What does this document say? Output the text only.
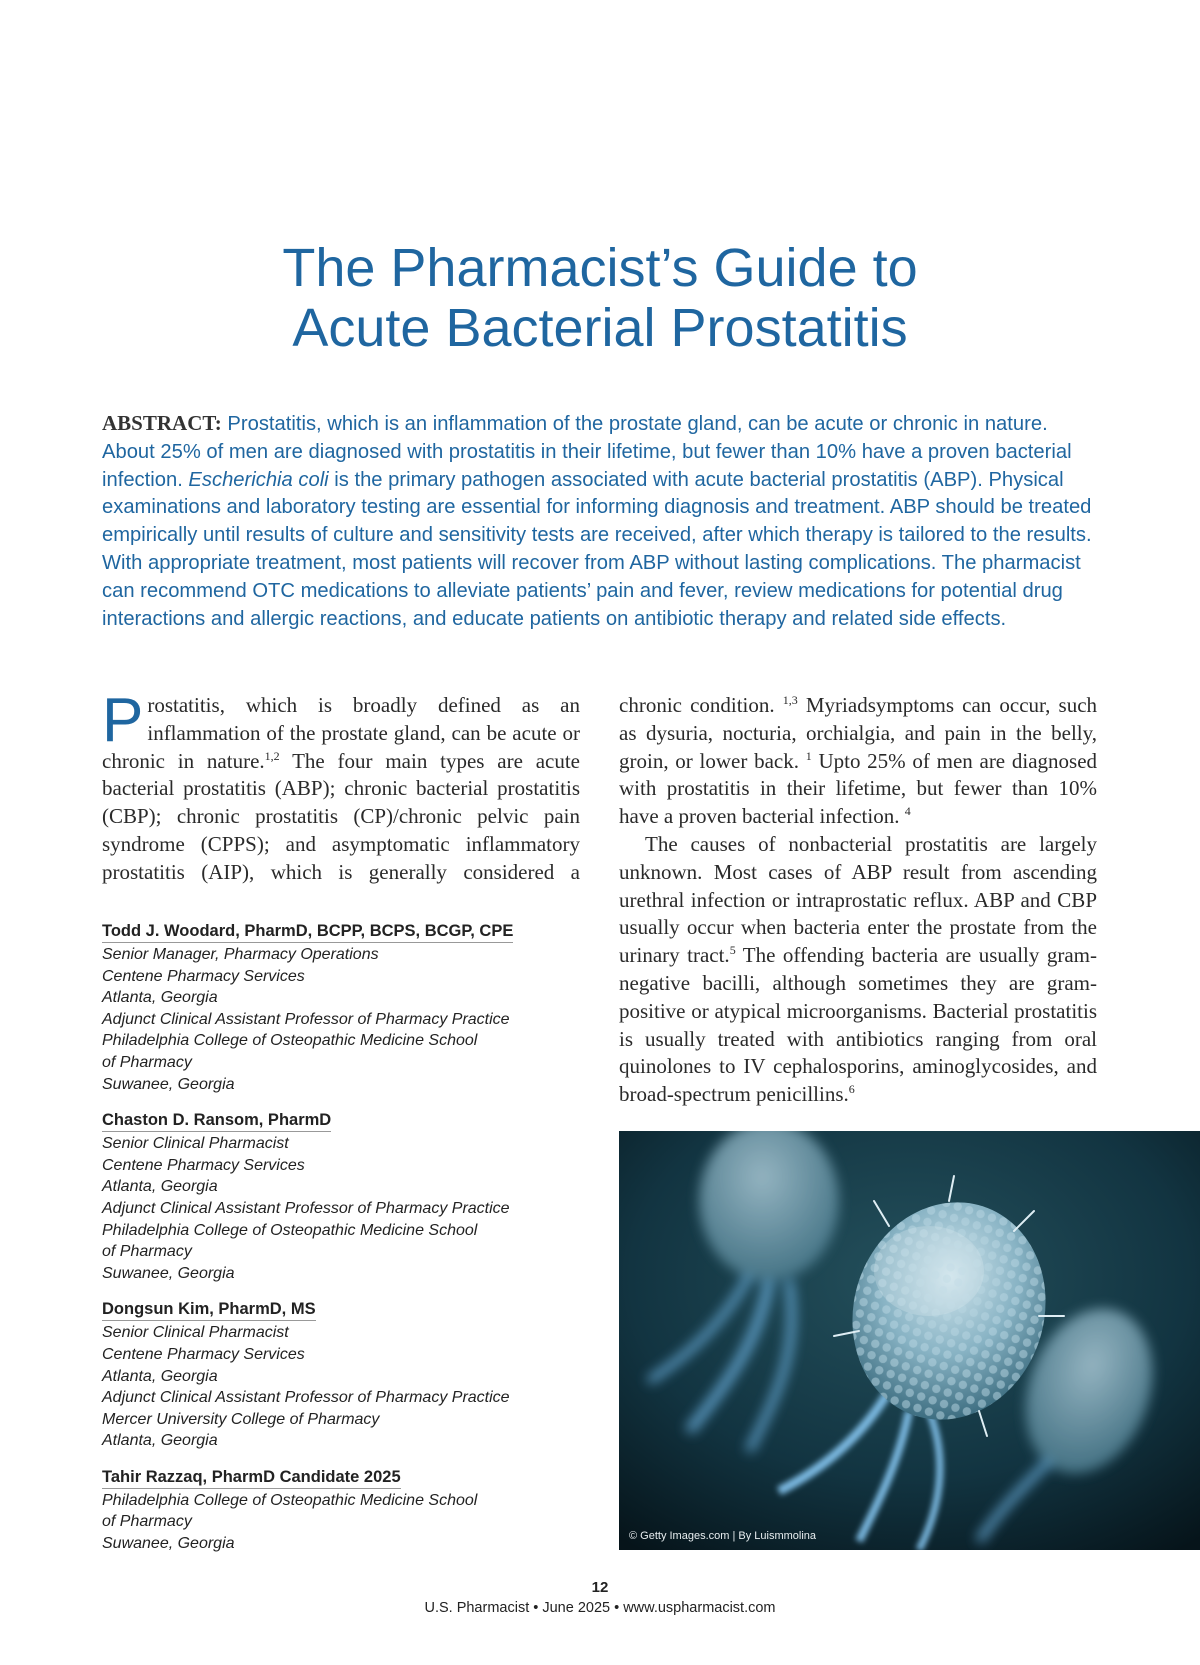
The Pharmacist’s Guide to
Acute Bacterial Prostatitis

ABSTRACT: Prostatitis, which is an inflammation of the prostate gland, can be acute or chronic in nature. About 25% of men are diagnosed with prostatitis in their lifetime, but fewer than 10% have a proven bacterial infection. Escherichia coli is the primary pathogen associated with acute bacterial prostatitis (ABP). Physical examinations and laboratory testing are essential for informing diagnosis and treatment. ABP should be treated empirically until results of culture and sensitivity tests are received, after which therapy is tailored to the results. With appropriate treatment, most patients will recover from ABP without lasting complications. The pharmacist can recommend OTC medications to alleviate patients’ pain and fever, review medications for potential drug interactions and allergic reactions, and educate patients on antibiotic therapy and related side effects.

Prostatitis, which is broadly defined as an inflammation of the prostate gland, can be acute or chronic in nature.$^{1,2}$ The four main types are acute bacterial prostatitis (ABP); chronic bacterial prostatitis (CBP); chronic prostatitis (CP)/chronic pelvic pain syndrome (CPPS); and asymptomatic inflammatory prostatitis (AIP), which is generally considered a

chronic condition. $^{1,3}$ Myriadsymptoms can occur, such as dysuria, nocturia, orchialgia, and pain in the belly, groin, or lower back. $^1$ Upto 25% of men are diagnosed with prostatitis in their lifetime, but fewer than 10% have a proven bacterial infection. $^4$

The causes of nonbacterial prostatitis are largely unknown. Most cases of ABP result from ascending urethral infection or intraprostatic reflux. ABP and CBP usually occur when bacteria enter the prostate from the urinary tract.$^5$ The offending bacteria are usually gram-negative bacilli, although sometimes they are gram-positive or atypical microorganisms. Bacterial prostatitis is usually treated with antibiotics ranging from oral quinolones to IV cephalosporins, aminoglycosides, and broad-spectrum penicillins.$^6$

Todd J. Woodard, PharmD, BCPP, BCPS, BCGP, CPE
Senior Manager, Pharmacy Operations
Centene Pharmacy Services
Atlanta, Georgia
Adjunct Clinical Assistant Professor of Pharmacy Practice
Philadelphia College of Osteopathic Medicine School
of Pharmacy
Suwanee, Georgia
Chaston D. Ransom, PharmD
Senior Clinical Pharmacist
Centene Pharmacy Services
Atlanta, Georgia
Adjunct Clinical Assistant Professor of Pharmacy Practice
Philadelphia College of Osteopathic Medicine School
of Pharmacy
Suwanee, Georgia
Dongsun Kim, PharmD, MS
Senior Clinical Pharmacist
Centene Pharmacy Services
Atlanta, Georgia
Adjunct Clinical Assistant Professor of Pharmacy Practice
Mercer University College of Pharmacy
Atlanta, Georgia
Tahir Razzaq, PharmD Candidate 2025
Philadelphia College of Osteopathic Medicine School
of Pharmacy
Suwanee, Georgia	© Getty Images.com | By Luismmolina
12
U.S. Pharmacist • June 2025 • www.uspharmacist.com
